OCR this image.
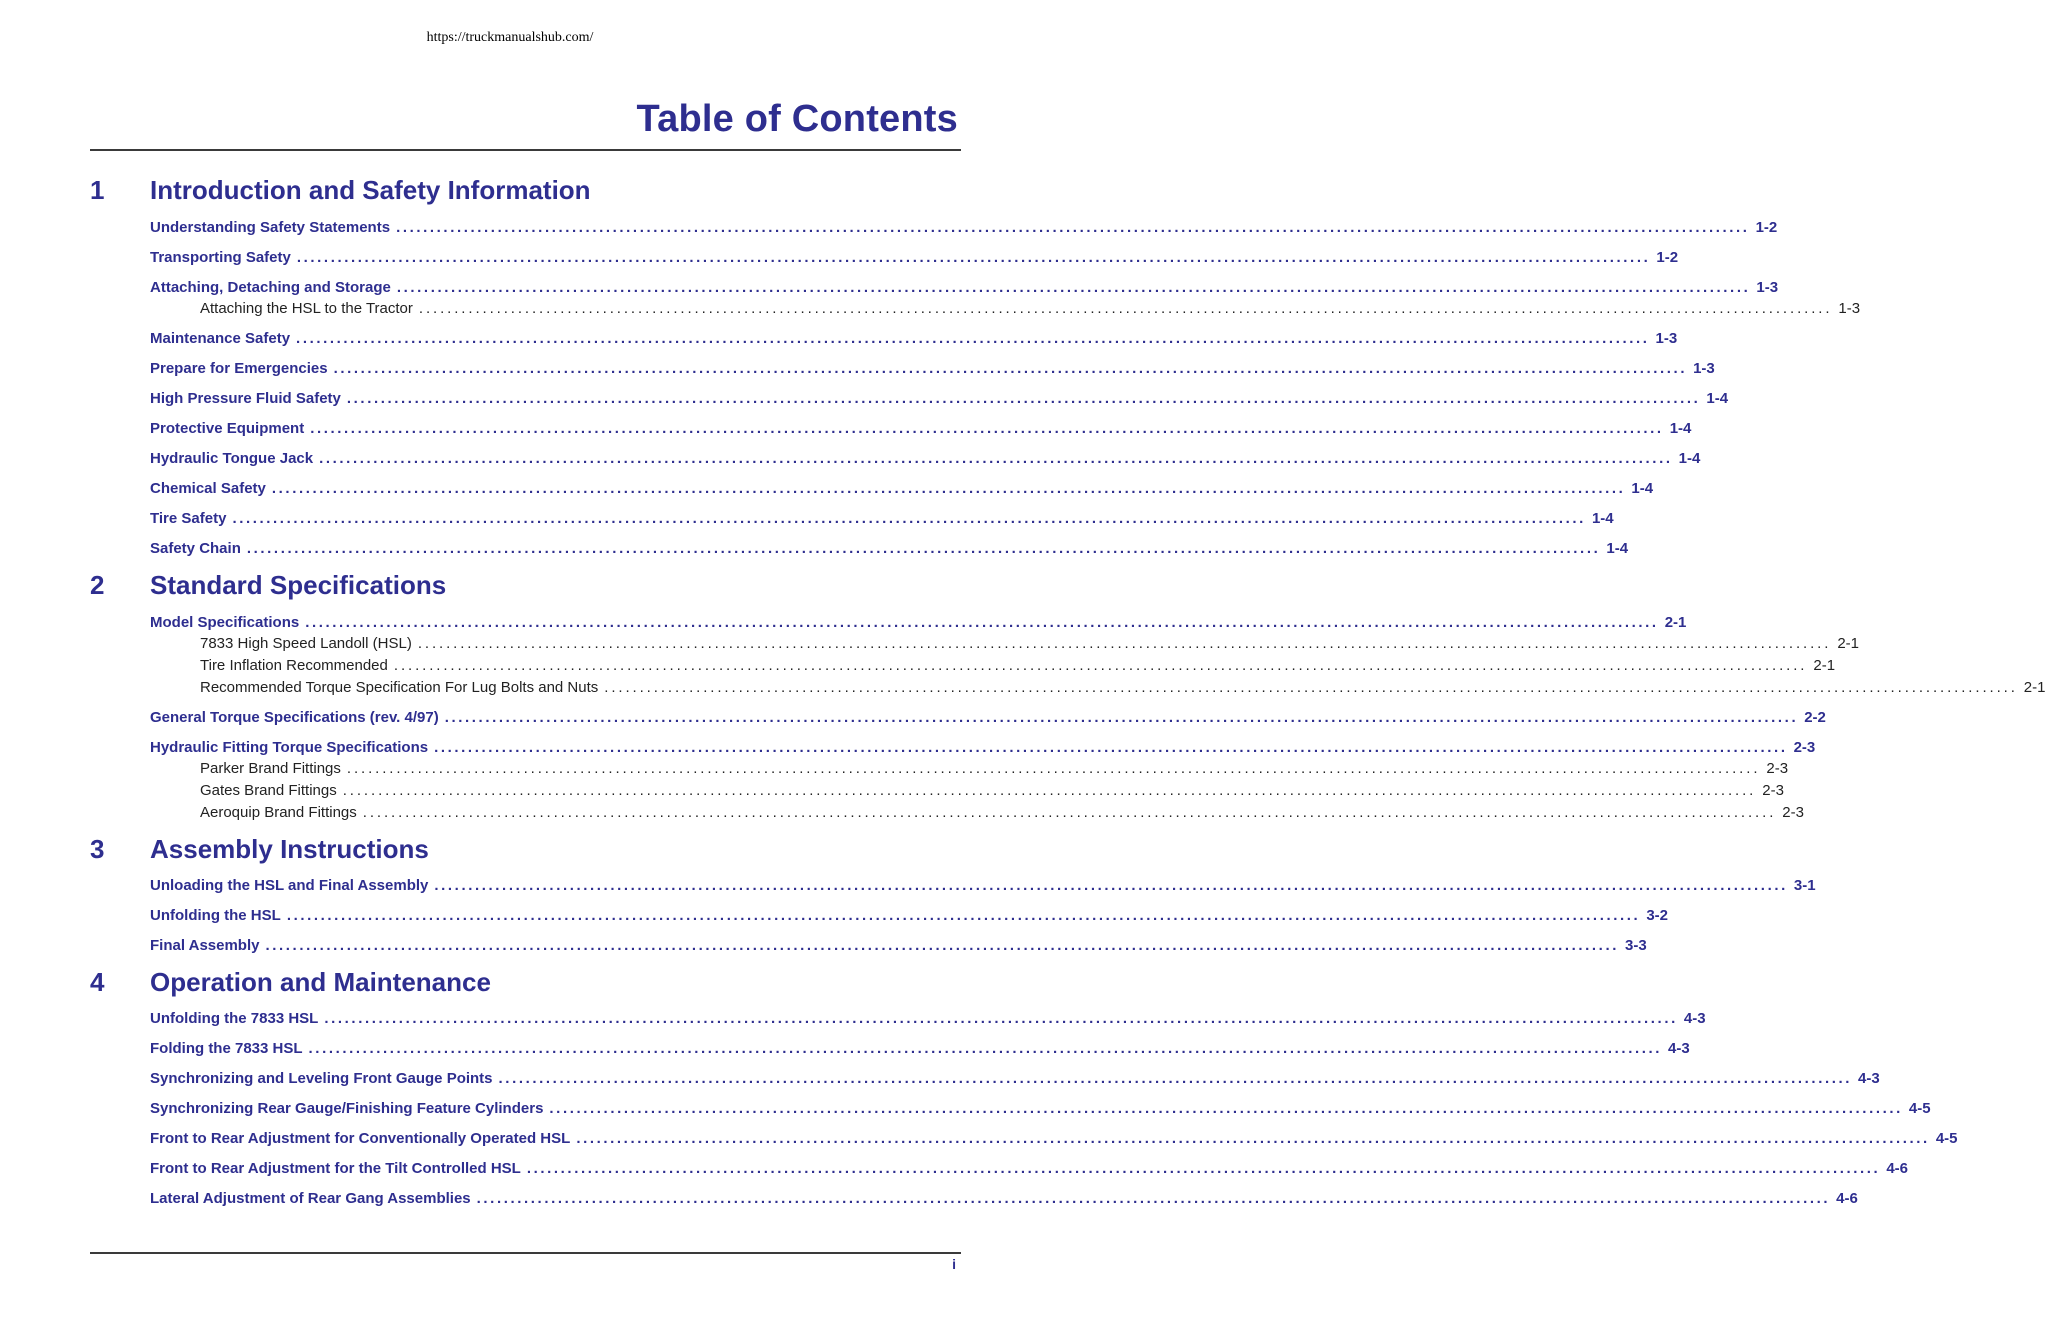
https://truckmanualshub.com/
Table of Contents
1 Introduction and Safety Information
Understanding Safety Statements ........................................................................................................................................................................................................ 1-2
Transporting Safety ........................................................................................................................................................................................................ 1-2
Attaching, Detaching and Storage ........................................................................................................................................................................................................ 1-3
Attaching the HSL to the Tractor ........................................................................................................................................................................................................ 1-3
Maintenance Safety ........................................................................................................................................................................................................ 1-3
Prepare for Emergencies ........................................................................................................................................................................................................ 1-3
High Pressure Fluid Safety ........................................................................................................................................................................................................ 1-4
Protective Equipment ........................................................................................................................................................................................................ 1-4
Hydraulic Tongue Jack ........................................................................................................................................................................................................ 1-4
Chemical Safety ........................................................................................................................................................................................................ 1-4
Tire Safety ........................................................................................................................................................................................................ 1-4
Safety Chain ........................................................................................................................................................................................................ 1-4
2 Standard Specifications
Model Specifications ........................................................................................................................................................................................................ 2-1
7833 High Speed Landoll (HSL) ........................................................................................................................................................................................................ 2-1
Tire Inflation Recommended ........................................................................................................................................................................................................ 2-1
Recommended Torque Specification For Lug Bolts and Nuts ........................................................................................................................................................................................................ 2-1
General Torque Specifications (rev. 4/97) ........................................................................................................................................................................................................ 2-2
Hydraulic Fitting Torque Specifications ........................................................................................................................................................................................................ 2-3
Parker Brand Fittings ........................................................................................................................................................................................................ 2-3
Gates Brand Fittings ........................................................................................................................................................................................................ 2-3
Aeroquip Brand Fittings ........................................................................................................................................................................................................ 2-3
3 Assembly Instructions
Unloading the HSL and Final Assembly ........................................................................................................................................................................................................ 3-1
Unfolding the HSL ........................................................................................................................................................................................................ 3-2
Final Assembly ........................................................................................................................................................................................................ 3-3
4 Operation and Maintenance
Unfolding the 7833 HSL ........................................................................................................................................................................................................ 4-3
Folding the 7833 HSL ........................................................................................................................................................................................................ 4-3
Synchronizing and Leveling Front Gauge Points ........................................................................................................................................................................................................ 4-3
Synchronizing Rear Gauge/Finishing Feature Cylinders ........................................................................................................................................................................................................ 4-5
Front to Rear Adjustment for Conventionally Operated HSL ........................................................................................................................................................................................................ 4-5
Front to Rear Adjustment for the Tilt Controlled HSL ........................................................................................................................................................................................................ 4-6
Lateral Adjustment of Rear Gang Assemblies ........................................................................................................................................................................................................ 4-6
i
